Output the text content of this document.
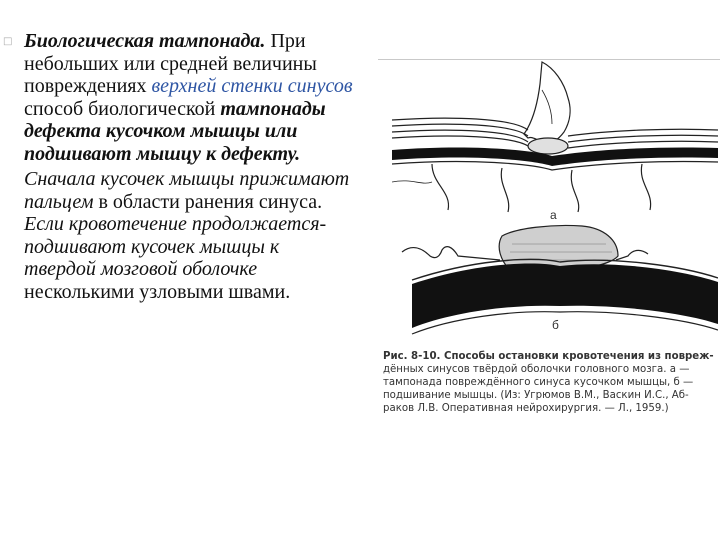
□ Биологическая тампонада. При небольших или средней величины повреждениях верхней стенки синусов способ биологической тампонады дефекта кусочком мышцы или подшивают мышцу к дефекту.

Сначала кусочек мышцы прижимают пальцем в области ранения синуса. Если кровотечение продолжается- подшивают кусочек мышцы к твердой мозговой оболочке несколькими узловыми швами.

а
б
Рис. 8-10. Способы остановки кровотечения из повреж-
дённых синусов твёрдой оболочки головного мозга. а —
тампонада повреждённого синуса кусочком мышцы, б —
подшивание мышцы. (Из: Угрюмов В.М., Васкин И.С., Аб-
раков Л.В. Оперативная нейрохирургия. — Л., 1959.)
